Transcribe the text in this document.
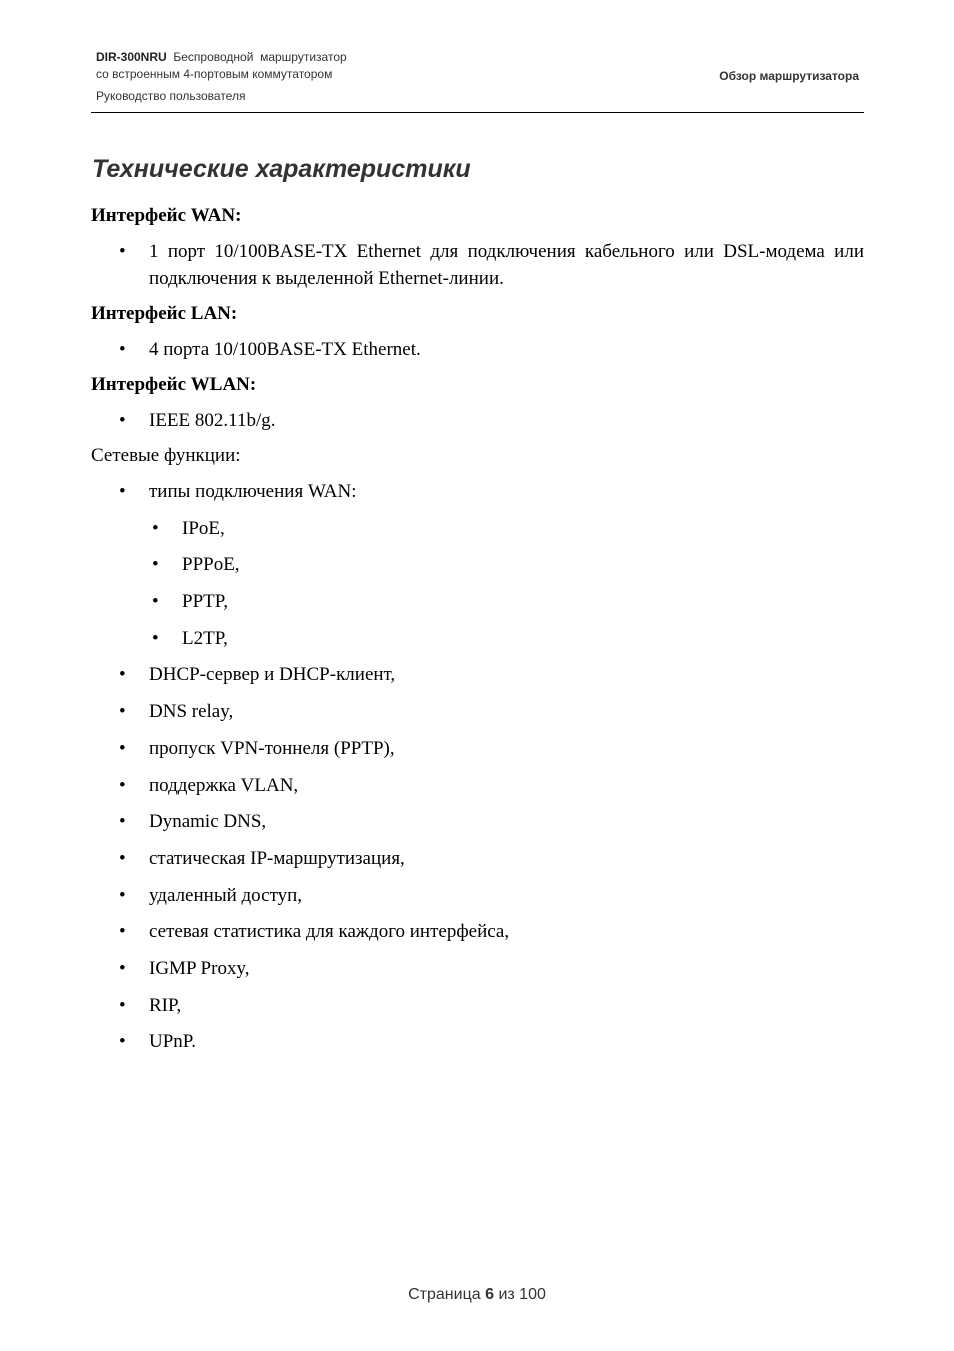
DIR-300NRU Беспроводной  маршрутизатор
со встроенным 4-портовым коммутатором
Руководство пользователя
Обзор маршрутизатора
Технические характеристики
Интерфейс WAN:
• 1 порт 10/100BASE-TX Ethernet для подключения кабельного или DSL-модема или подключения к выделенной Ethernet-линии.
Интерфейс LAN:
• 4 порта 10/100BASE-TX Ethernet.
Интерфейс WLAN:
• IEEE 802.11b/g.
Сетевые функции:
• типы подключения WAN:
• IPoE,
• PPPoE,
• PPTP,
• L2TP,
• DHCP-сервер и DHCP-клиент,
• DNS relay,
• пропуск VPN-тоннеля (PPTP),
• поддержка VLAN,
• Dynamic DNS,
• статическая IP-маршрутизация,
• удаленный доступ,
• сетевая статистика для каждого интерфейса,
• IGMP Proxy,
• RIP,
• UPnP.
Страница 6 из 100
